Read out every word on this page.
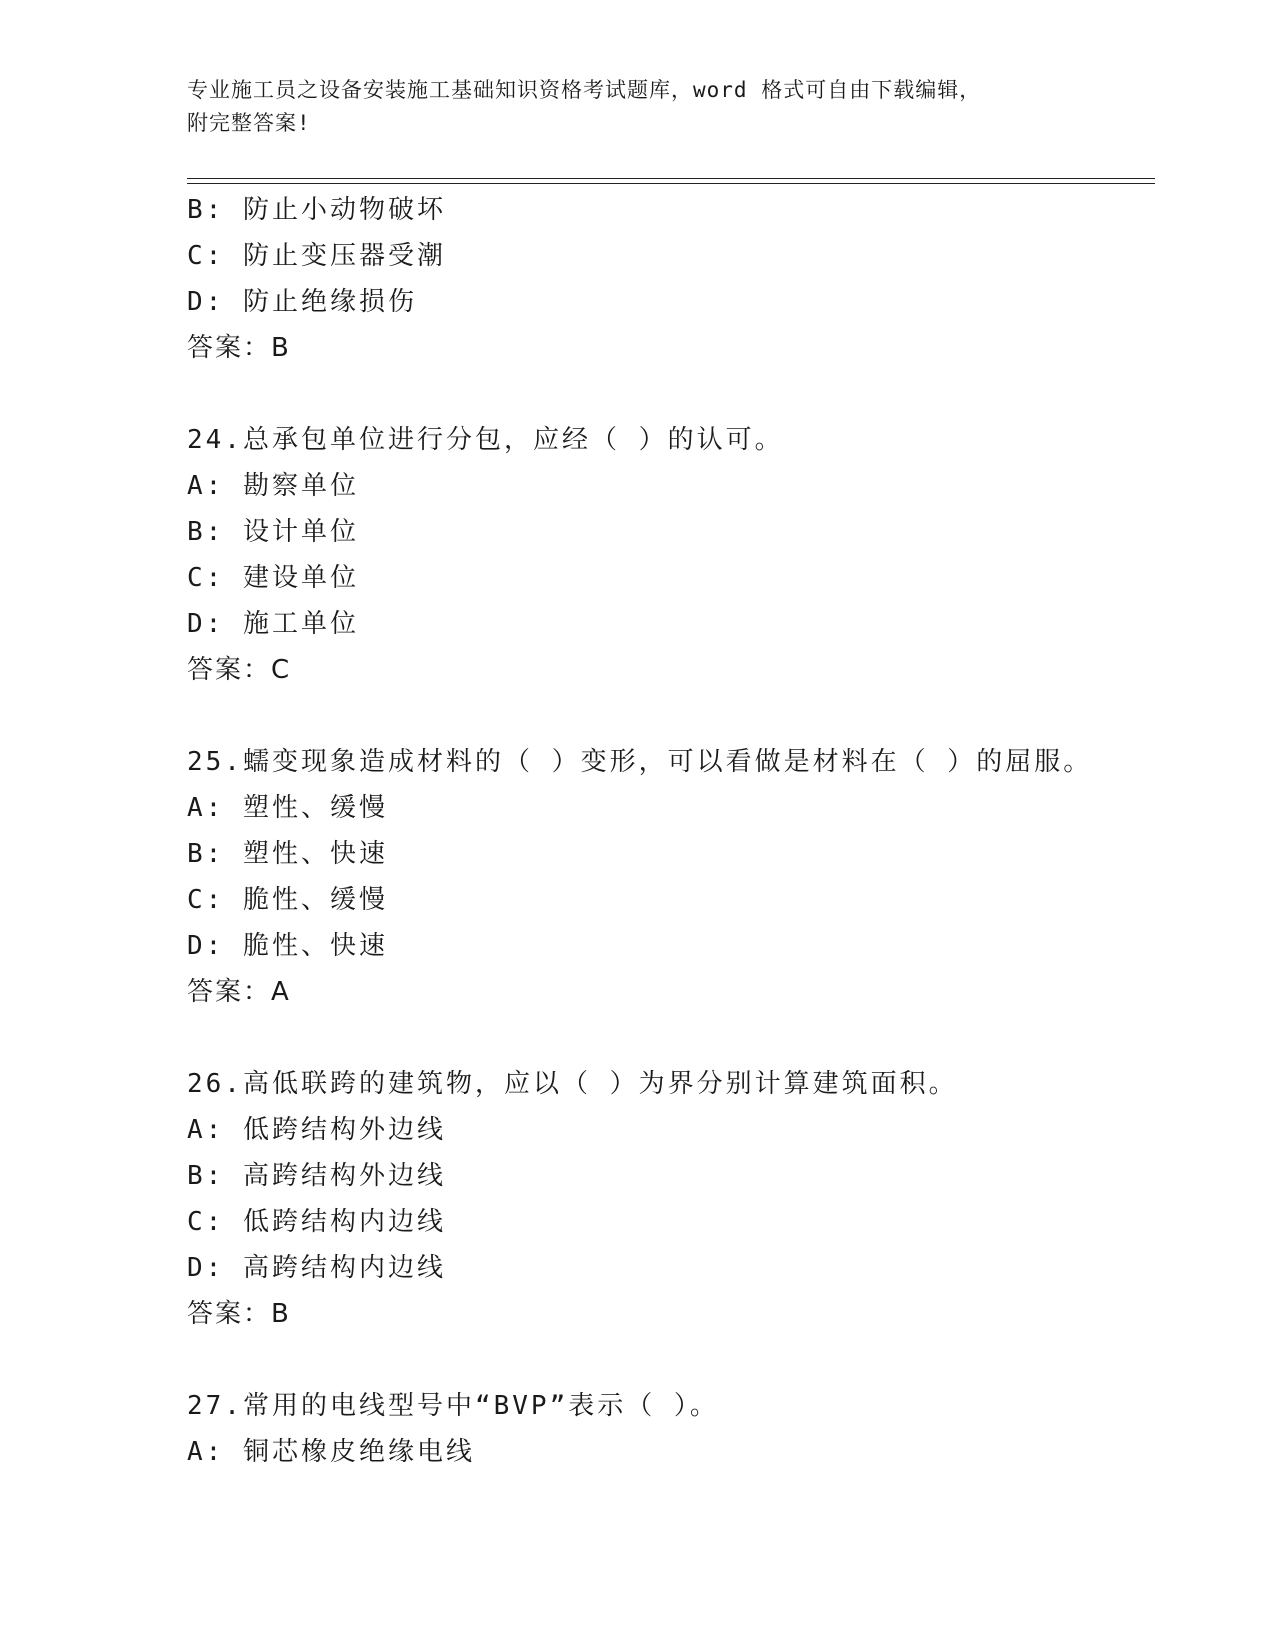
专业施工员之设备安装施工基础知识资格考试题库，word 格式可自由下载编辑，
附完整答案!
B: 防止小动物破坏
C: 防止变压器受潮
D: 防止绝缘损伤
答案：B
24.总承包单位进行分包，应经（ ）的认可。
A: 勘察单位
B: 设计单位
C: 建设单位
D: 施工单位
答案：C
25.蠕变现象造成材料的（ ）变形，可以看做是材料在（ ）的屈服。
A: 塑性、缓慢
B: 塑性、快速
C: 脆性、缓慢
D: 脆性、快速
答案：A
26.高低联跨的建筑物，应以（ ）为界分别计算建筑面积。
A: 低跨结构外边线
B: 高跨结构外边线
C: 低跨结构内边线
D: 高跨结构内边线
答案：B
27.常用的电线型号中“BVP”表示（ ）。
A: 铜芯橡皮绝缘电线
